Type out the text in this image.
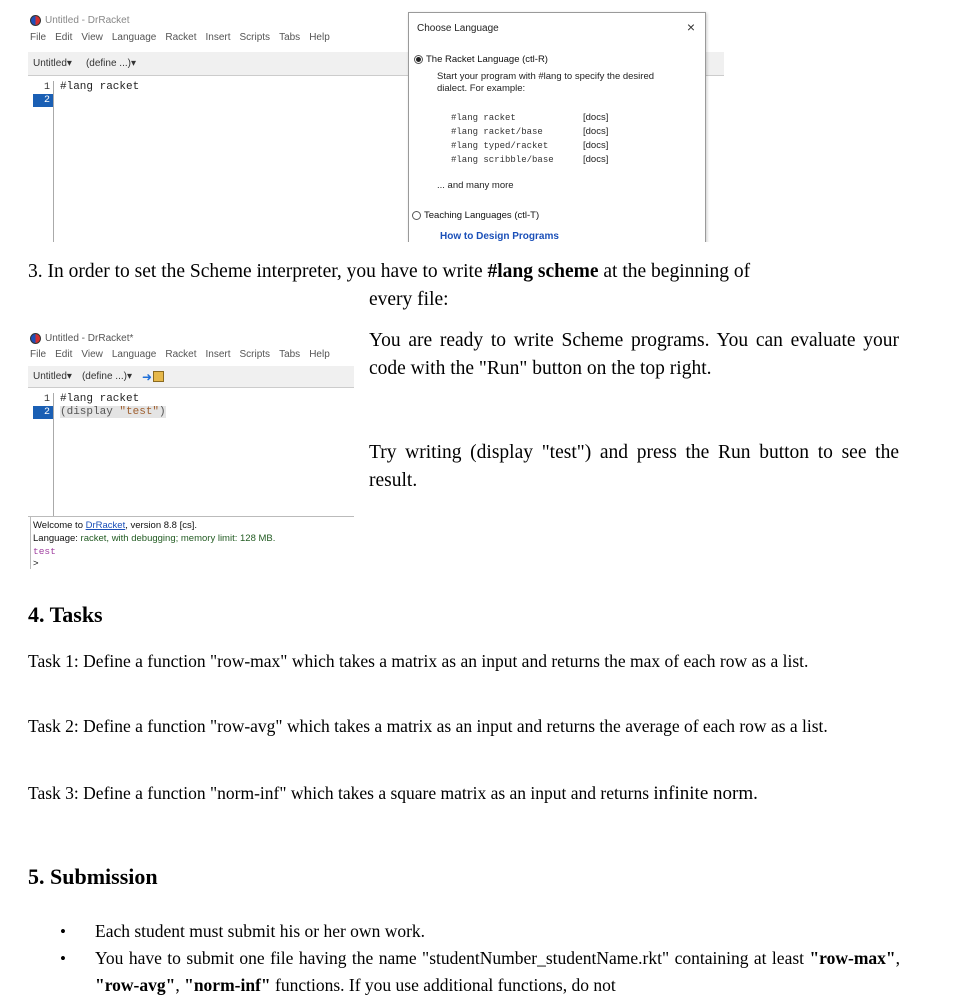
Untitled - DrRacket
File Edit View Language Racket Insert Scripts Tabs Help
Untitled▾ (define ...)▾
1
2
#lang racket
Choose Language	×
The Racket Language (ctl-R)
Start your program with #lang to specify the desired dialect. For example:
#lang racket	[docs]
#lang racket/base	[docs]
#lang typed/racket	[docs]
#lang scribble/base	[docs]
... and many more
Teaching Languages (ctl-T)
How to Design Programs
3. In order to set the Scheme interpreter, you have to write #lang scheme at the beginning of
every file:
Untitled - DrRacket*
File Edit View Language Racket Insert Scripts Tabs Help
Untitled▾ (define ...)▾ ➜
1
2
#lang racket
(display "test")
Welcome to DrRacket, version 8.8 [cs].
Language: racket, with debugging; memory limit: 128 MB.
test
>

You are ready to write Scheme programs. You can evaluate your code with the "Run" button on the top right.

Try writing (display "test") and press the Run button to see the result.

4. Tasks

Task 1: Define a function "row-max" which takes a matrix as an input and returns the max of each row as a list.

Task 2: Define a function "row-avg" which takes a matrix as an input and returns the average of each row as a list.

Task 3: Define a function "norm-inf" which takes a square matrix as an input and returns infinite norm.

5. Submission
• Each student must submit his or her own work.
• You have to submit one file having the name "studentNumber_studentName.rkt" containing at least "row-max", "row-avg", "norm-inf" functions. If you use additional functions, do not
